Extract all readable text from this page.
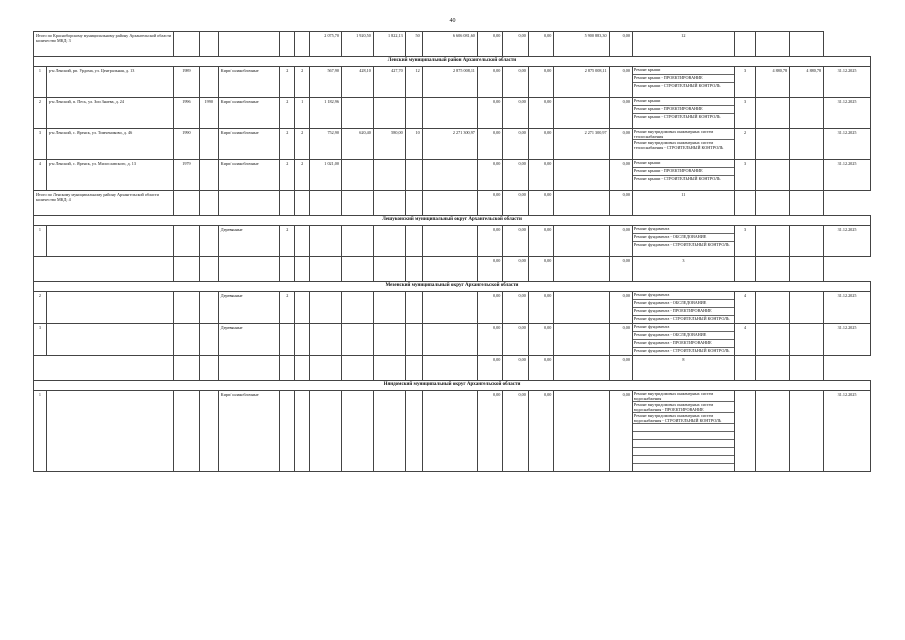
40
Итого по Красноборскому муниципальному району Архангельской области количество МКД: 3							2 075,70	1 920,50	1 822,13	50	6 606 081,60	0,00	0,00	0,00	5 900 883,30	0,00	12				
Ленский муниципальный район Архангельской области																					
1	р-н Ленский, рп. Урдома, ул. Центральная, д. 13	1989		Кирп/ шлакоблочные	2	2	567,90	428,10	427,70	12	2 875 008,11	0,00	0,00	0,00	2 875 008,11	0,00	Ремонт крыши
Ремонт крыши - ПРОЕКТИРОВАНИЕ
Ремонт крыши - СТРОИТЕЛЬНЫЙ КОНТРОЛЬ	3	4 880,78	4 880,78	31.12.2025
2	р-н Ленский, п. Песь, ул. Зои Знаева, д. 24	1996	1990	Кирп/ шлакоблочные	2	1	1 182,96					0,00	0,00	0,00		0,00	Ремонт крыши
Ремонт крыши - ПРОЕКТИРОВАНИЕ
Ремонт крыши - СТРОИТЕЛЬНЫЙ КОНТРОЛЬ	3			31.12.2025
3	р-н Ленский, с. Яренск, ул. Тимчениково, д. 46	1990		Кирп/ шлакоблочные	2	2	752,90	620,40	580,00	10	2 271 300,97	0,00	0,00	0,00	2 271 300,97	0,00	Ремонт внутридомовых инженерных систем теплоснабжения
Ремонт внутридомовых инженерных систем теплоснабжения - СТРОИТЕЛЬНЫЙ КОНТРОЛЬ	2			31.12.2025
4	р-н Ленский, с. Яренск, ул. Милославского, д. 13	1979		Кирп/ шлакоблочные	2	2	1 021,00					0,00	0,00	0,00		0,00	Ремонт крыши
Ремонт крыши - ПРОЕКТИРОВАНИЕ
Ремонт крыши - СТРОИТЕЛЬНЫЙ КОНТРОЛЬ	3			31.12.2025
Итого по Ленскому муниципальному району Архангельской области количество МКД: 4												0,00	0,00	0,00		0,00	11				
Лешуконский муниципальный округ Архангельской области																					
1				Деревянные	2							0,00	0,00	0,00		0,00	Ремонт фундамента
Ремонт фундамента - ОБСЛЕДОВАНИЕ
Ремонт фундамента - СТРОИТЕЛЬНЫЙ КОНТРОЛЬ	3			31.12.2025
												0,00	0,00	0,00		0,00	3				
Мезенский муниципальный округ Архангельской области																					
2				Деревянные	2							0,00	0,00	0,00		0,00	Ремонт фундамента
Ремонт фундамента - ОБСЛЕДОВАНИЕ
Ремонт фундамента - ПРОЕКТИРОВАНИЕ
Ремонт фундамента - СТРОИТЕЛЬНЫЙ КОНТРОЛЬ	4			31.12.2025
3				Деревянные								0,00	0,00	0,00		0,00	Ремонт фундамента
Ремонт фундамента - ОБСЛЕДОВАНИЕ
Ремонт фундамента - ПРОЕКТИРОВАНИЕ
Ремонт фундамента - СТРОИТЕЛЬНЫЙ КОНТРОЛЬ	4			31.12.2025
												0,00	0,00	0,00		0,00	8				
Няндомский муниципальный округ Архангельской области																					
1				Кирп/ шлакоблочные								0,00	0,00	0,00		0,00	Ремонт внутридомовых инженерных систем водоснабжения
Ремонт внутридомовых инженерных систем водоснабжения - ПРОЕКТИРОВАНИЕ
Ремонт внутридомовых инженерных систем водоснабжения - СТРОИТЕЛЬНЫЙ КОНТРОЛЬ				31.12.2025
